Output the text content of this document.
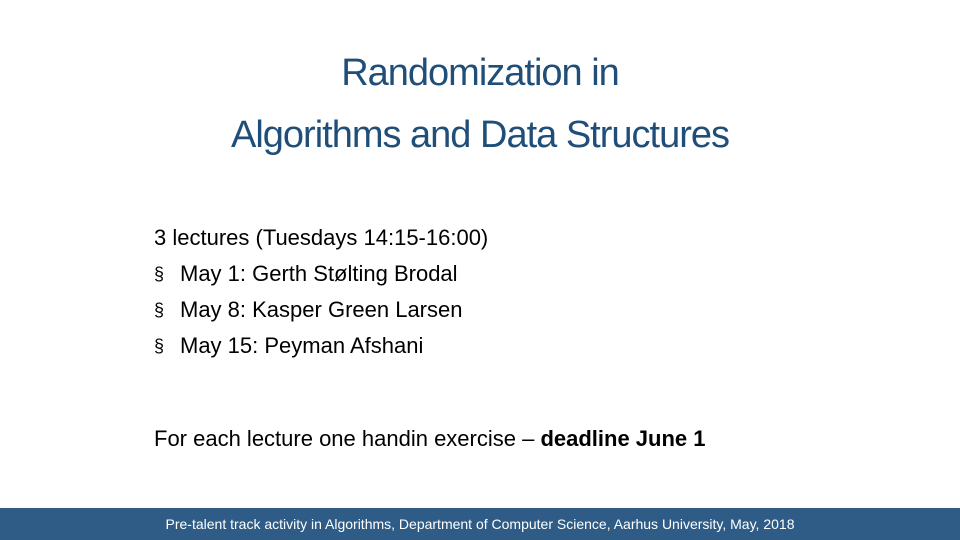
Randomization in
Algorithms and Data Structures
3 lectures (Tuesdays 14:15-16:00)
§ May 1: Gerth Stølting Brodal
§ May 8: Kasper Green Larsen
§ May 15: Peyman Afshani
For each lecture one handin exercise – deadline June 1
Pre-talent track activity in Algorithms, Department of Computer Science, Aarhus University, May, 2018
